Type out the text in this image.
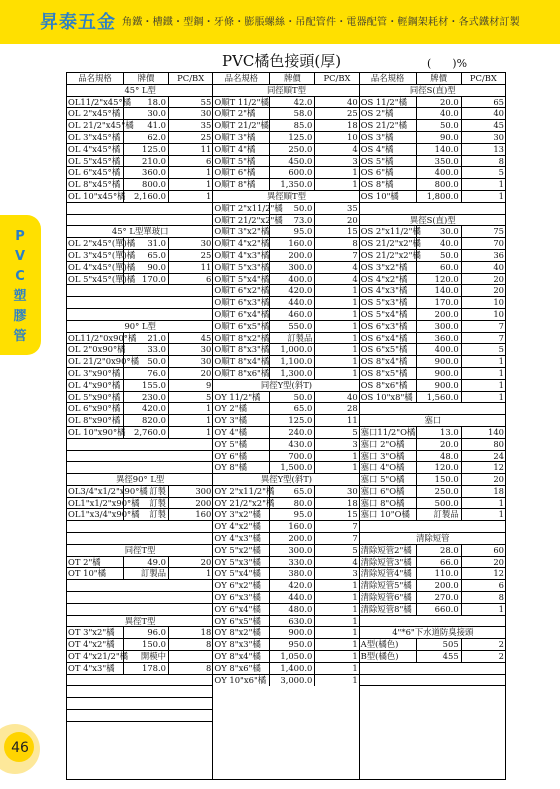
昇泰五金 角鐵・槽鐵・型鋼・牙條・膨脹螺絲・吊配管件・電器配管・輕鋼架耗材・各式鐵材訂製
PVC塑膠管
46
PVC橘色接頭(厚)	(      )%
品名規格	牌價	PC/BX
45° L型
OL11/2"x45°橘	18.0	55
OL 2"x45°橘	30.0	30
OL 21/2"x45°橘	41.0	35
OL 3"x45°橘	62.0	25
OL 4"x45°橘	125.0	11
OL 5"x45°橘	210.0	6
OL 6"x45°橘	360.0	1
OL 8"x45°橘	800.0	1
OL 10"x45°橘	2,160.0	1
45° L型單玻口
OL 2"x45°(單)橘	31.0	30
OL 3"x45°(單)橘	65.0	25
OL 4"x45°(單)橘	90.0	11
OL 5"x45°(單)橘 170.0	6
90° L型
OL11/2"0x90°橘	21.0	45
OL 2"0x90°橘	33.0	30
OL 21/2"0x90°橘 50.0	30
OL 3"x90°橘	76.0	20
OL 4"x90°橘	155.0	9
OL 5"x90°橘	230.0	5
OL 6"x90°橘	420.0	1
OL 8"x90°橘	820.0	1
OL 10"x90°橘	2,760.0	1
異徑90° L型
OL3/4"x1/2"x90°橘 訂製	300
OL1"x1/2"x90°橘	訂製	200
OL1"x3/4"x90°橘	訂製	160
同徑T型
OT 2"橘	49.0	20
OT 10"橘	訂製品	1
異徑T型
OT 3"x2"橘	96.0	18
OT 4"x2"橘	150.0	8
OT 4"x21/2"橘	開模中
OT 4"x3"橘	178.0	8
品名規格	牌價	PC/BX
同徑順T型
O順T 11/2"橘	42.0	40
O順T 2"橘	58.0	25
O順T 21/2"橘	85.0	18
O順T 3"橘	125.0	10
O順T 4"橘	250.0	4
O順T 5"橘	450.0	3
O順T 6"橘	600.0	1
O順T 8"橘	1,350.0	1
異徑順T型
O順T 2"x11/2"橘	50.0	35
O順T 21/2"x2"橘	73.0	20
O順T 3"x2"橘	95.0	15
O順T 4"x2"橘	160.0	8
O順T 4"x3"橘	200.0	7
O順T 5"x3"橘	300.0	4
O順T 5"x4"橘	400.0	4
O順T 6"x2"橘	420.0	1
O順T 6"x3"橘	440.0	1
O順T 6"x4"橘	460.0	1
O順T 6"x5"橘	550.0	1
O順T 8"x2"橘	訂製品	1
O順T 8"x3"橘	1,000.0	1
O順T 8"x4"橘	1,100.0	1
O順T 8"x6"橘	1,300.0	1
同徑Y型(斜T)
OY 11/2"橘	50.0	40
OY 2"橘	65.0	28
OY 3"橘	125.0	11
OY 4"橘	240.0	5
OY 5"橘	430.0	3
OY 6"橘	700.0	1
OY 8"橘	1,500.0	1
異徑Y型(斜T)
OY 2"x11/2"橘	65.0	30
OY 21/2"x2"橘	80.0	18
OY 3"x2"橘	95.0	15
OY 4"x2"橘	160.0	7
OY 4"x3"橘	200.0	7
OY 5"x2"橘	300.0	5
OY 5"x3"橘	330.0	4
OY 5"x4"橘	380.0	3
OY 6"x2"橘	420.0	1
OY 6"x3"橘	440.0	1
OY 6"x4"橘	480.0	1
OY 6"x5"橘	630.0	1
OY 8"x2"橘	900.0	1
OY 8"x3"橘	950.0	1
OY 8"x4"橘	1,050.0	1
OY 8"x6"橘	1,400.0	1
OY 10"x6"橘	3,000.0	1
品名規格	牌價	PC/BX
同徑S(直)型
OS 11/2"橘	20.0	65
OS 2"橘	40.0	40
OS 21/2"橘	50.0	45
OS 3"橘	90.0	30
OS 4"橘	140.0	13
OS 5"橘	350.0	8
OS 6"橘	400.0	5
OS 8"橘	800.0	1
OS 10"橘	1,800.0	1
異徑S(直)型
OS 2"x11/2"橘	30.0	75
OS 21/2"x2"橘	40.0	70
OS 21/2"x2"橘	50.0	36
OS 3"x2"橘	60.0	40
OS 4"x2"橘	120.0	20
OS 4"x3"橘	140.0	20
OS 5"x3"橘	170.0	10
OS 5"x4"橘	200.0	10
OS 6"x3"橘	300.0	7
OS 6"x4"橘	360.0	7
OS 6"x5"橘	400.0	5
OS 8"x4"橘	900.0	1
OS 8"x5"橘	900.0	1
OS 8"x6"橘	900.0	1
OS 10"x8"橘	1,560.0	1
塞口
塞口11/2"O橘	13.0	140
塞口 2"O橘	20.0	80
塞口 3"O橘	48.0	24
塞口 4"O橘	120.0	12
塞口 5"O橘	150.0	20
塞口 6"O橘	250.0	18
塞口 8"O橘	500.0	1
塞口 10"O橘	訂製品	1
清除短管
清除短管2"橘	28.0	60
清除短管3"橘	66.0	20
清除短管4"橘	110.0	12
清除短管5"橘	200.0	6
清除短管6"橘	270.0	8
清除短管8"橘	660.0	1
4"*6"下水道防臭接頭
A型(橘色)	505	2
B型(橘色)	455	2
